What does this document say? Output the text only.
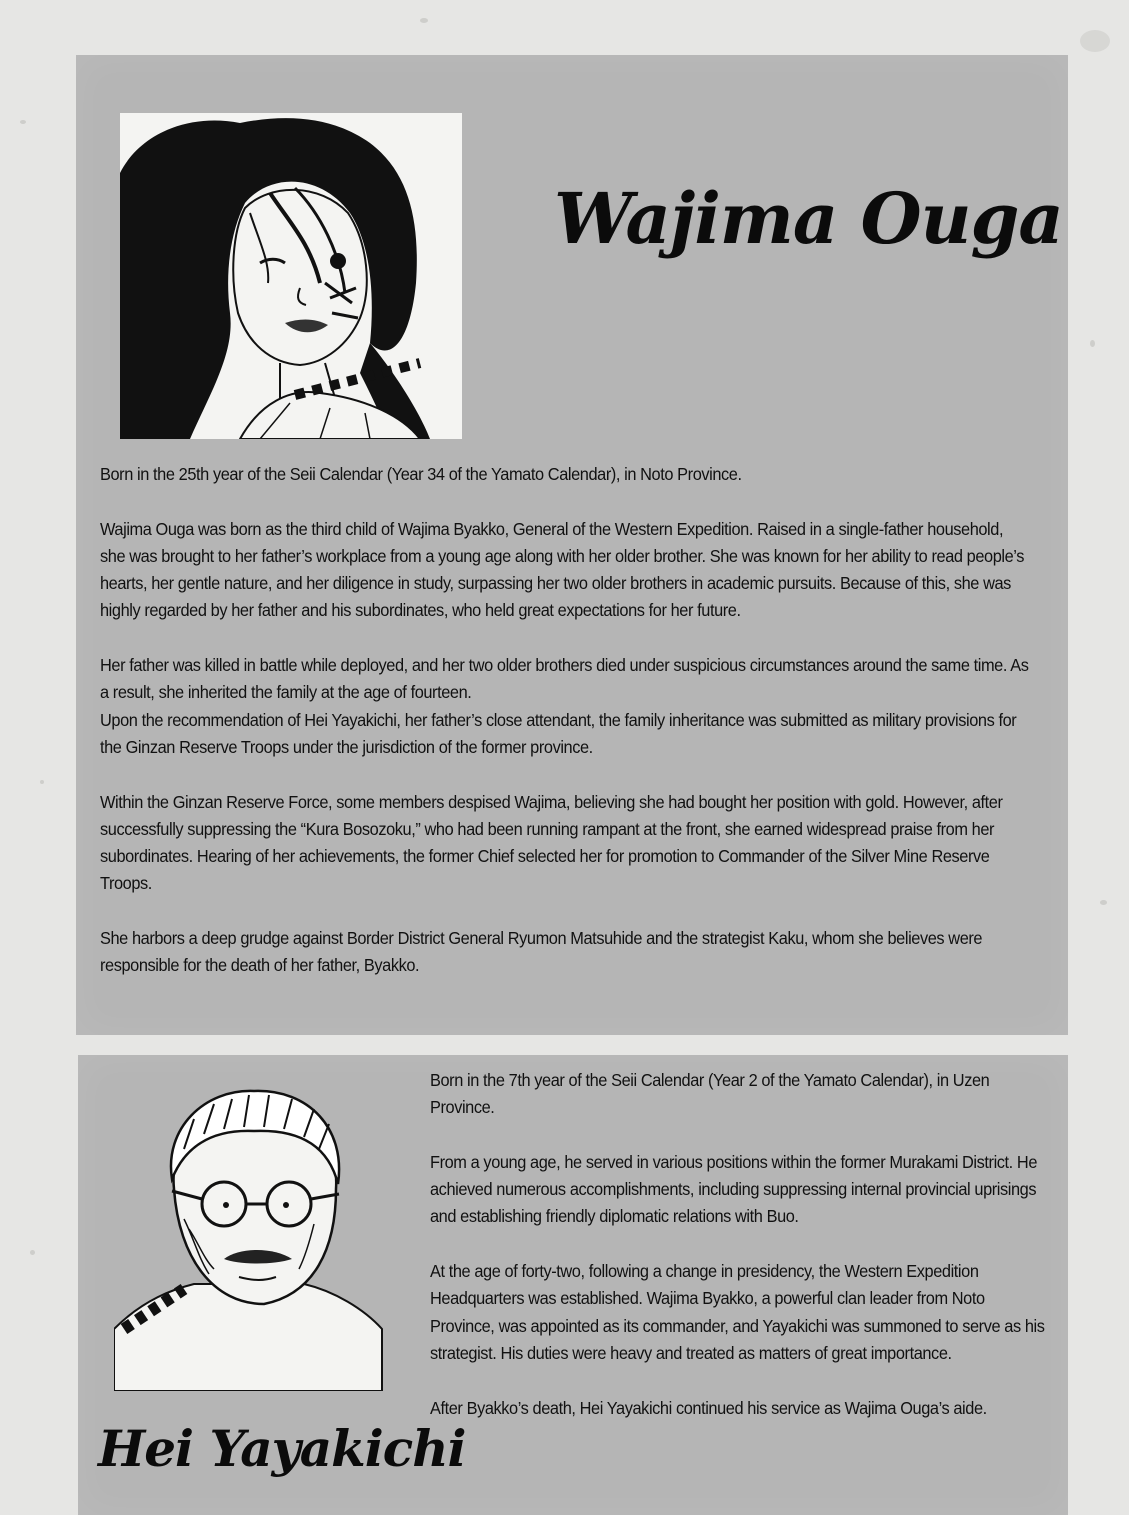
Wajima Ouga

Born in the 25th year of the Seii Calendar (Year 34 of the Yamato Calendar), in Noto Province.

Wajima Ouga was born as the third child of Wajima Byakko, General of the Western Expedition. Raised in a single-father household, she was brought to her father’s workplace from a young age along with her older brother. She was known for her ability to read people’s hearts, her gentle nature, and her diligence in study, surpassing her two older brothers in academic pursuits. Because of this, she was highly regarded by her father and his subordinates, who held great expectations for her future.

Her father was killed in battle while deployed, and her two older brothers died under suspicious circumstances around the same time. As a result, she inherited the family at the age of fourteen.

Upon the recommendation of Hei Yayakichi, her father’s close attendant, the family inheritance was submitted as military provisions for the Ginzan Reserve Troops under the jurisdiction of the former province.

Within the Ginzan Reserve Force, some members despised Wajima, believing she had bought her position with gold. However, after successfully suppressing the “Kura Bosozoku,” who had been running rampant at the front, she earned widespread praise from her subordinates. Hearing of her achievements, the former Chief selected her for promotion to Commander of the Silver Mine Reserve Troops.

She harbors a deep grudge against Border District General Ryumon Matsuhide and the strategist Kaku, whom she believes were responsible for the death of her father, Byakko.

Hei Yayakichi

Born in the 7th year of the Seii Calendar (Year 2 of the Yamato Calendar), in Uzen Province.

From a young age, he served in various positions within the former Murakami District. He achieved numerous accomplishments, including suppressing internal provincial uprisings and establishing friendly diplomatic relations with Buo.

At the age of forty-two, following a change in presidency, the Western Expedition Headquarters was established. Wajima Byakko, a powerful clan leader from Noto Province, was appointed as its commander, and Yayakichi was summoned to serve as his strategist. His duties were heavy and treated as matters of great importance.

After Byakko’s death, Hei Yayakichi continued his service as Wajima Ouga’s aide.
